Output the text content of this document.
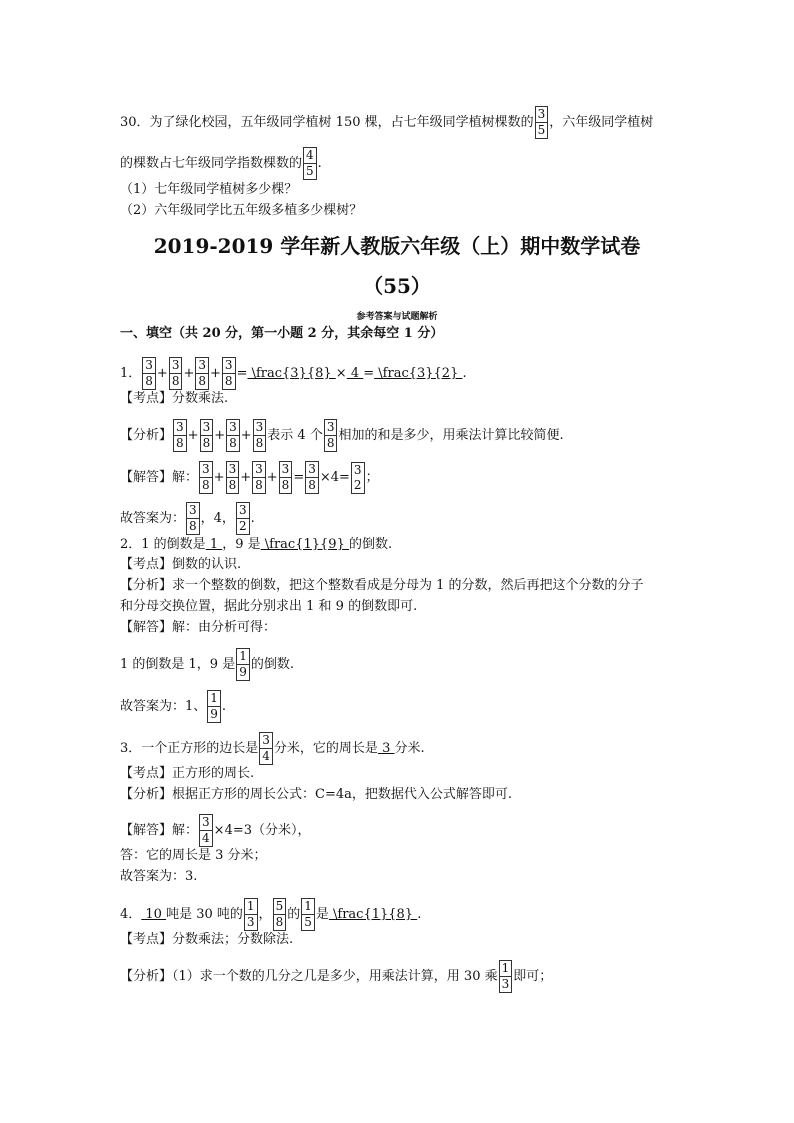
30．为了绿化校园，五年级同学植树 150 棵，占七年级同学植树棵数的 $\frac{3}{5}$ ，六年级同学植树
的棵数占七年级同学指数棵数的 $\frac{4}{5}$ .
（1）七年级同学植树多少棵？
（2）六年级同学比五年级多植多少棵树？
2019-2019 学年新人教版六年级（上）期中数学试卷
（55）
参考答案与试题解析
一、填空（共 20 分，第一小题 2 分，其余每空 1 分）
1． $\frac{3}{8} + \frac{3}{8} + \frac{3}{8} + \frac{3}{8}$ = \frac{3}{8} × 4 = \frac{3}{2} .
【考点】分数乘法.
【分析】 $\frac{3}{8} + \frac{3}{8} + \frac{3}{8} + \frac{3}{8}$ 表示 4 个 $\frac{3}{8}$ 相加的和是多少，用乘法计算比较简便.
【解答】解： $\frac{3}{8} + \frac{3}{8} + \frac{3}{8} + \frac{3}{8} = \frac{3}{8} \times 4=$
3
2 ；
故答案为： $\frac{3}{8}$ ，4， $\frac{3}{2}$ .
2．1 的倒数是 1 ，9 是 \frac{1}{9} 的倒数.
【考点】倒数的认识.
【分析】求一个整数的倒数，把这个整数看成是分母为 1 的分数，然后再把这个分数的分子
和分母交换位置，据此分别求出 1 和 9 的倒数即可.
【解答】解：由分析可得：
1 的倒数是 1，9 是 $\frac{1}{9}$ 的倒数.
故答案为：1、 $\frac{1}{9}$ .
3．一个正方形的边长是 $\frac{3}{4}$ 分米，它的周长是 3 分米.
【考点】正方形的周长.
【分析】根据正方形的周长公式：C=4a，把数据代入公式解答即可.
【解答】解： $\frac{3}{4} \times 4=3$（分米），
答：它的周长是 3 分米；
故答案为：3.
4． 10 吨是 30 吨的 $\frac{1}{3}$ ， $\frac{5}{8}$ 的 $\frac{1}{5}$ 是 \frac{1}{8} .
【考点】分数乘法；分数除法.
【分析】（1）求一个数的几分之几是多少，用乘法计算，用 30 乘 $\frac{1}{3}$ 即可；
